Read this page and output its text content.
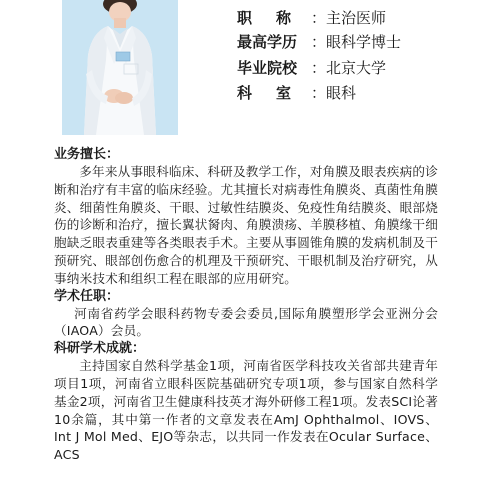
职称：主治医师
最高学历 ：眼科学博士
毕业院校 ：北京大学
科室：眼科

业务擅长：

多年来从事眼科临床、科研及教学工作，对角膜及眼表疾病的诊断和治疗有丰富的临床经验。尤其擅长对病毒性角膜炎、真菌性角膜炎、细菌性角膜炎、干眼、过敏性结膜炎、免疫性角结膜炎、眼部烧伤的诊断和治疗，擅长翼状胬肉、角膜溃疡、羊膜移植、角膜缘干细胞缺乏眼表重建等各类眼表手术。主要从事圆锥角膜的发病机制及干预研究、眼部创伤愈合的机理及干预研究、干眼机制及治疗研究，从事纳米技术和组织工程在眼部的应用研究。

学术任职：

河南省药学会眼科药物专委会委员,国际角膜塑形学会亚洲分会（IAOA）会员。

科研学术成就：

主持国家自然科学基金1项，河南省医学科技攻关省部共建青年项目1项，河南省立眼科医院基础研究专项1项，参与国家自然科学基金2项，河南省卫生健康科技英才海外研修工程1项。发表SCI论著10余篇，其中第一作者的文章发表在AmJ Ophthalmol、IOVS、Int J Mol Med、EJO等杂志，以共同一作发表在Ocular Surface、ACS
